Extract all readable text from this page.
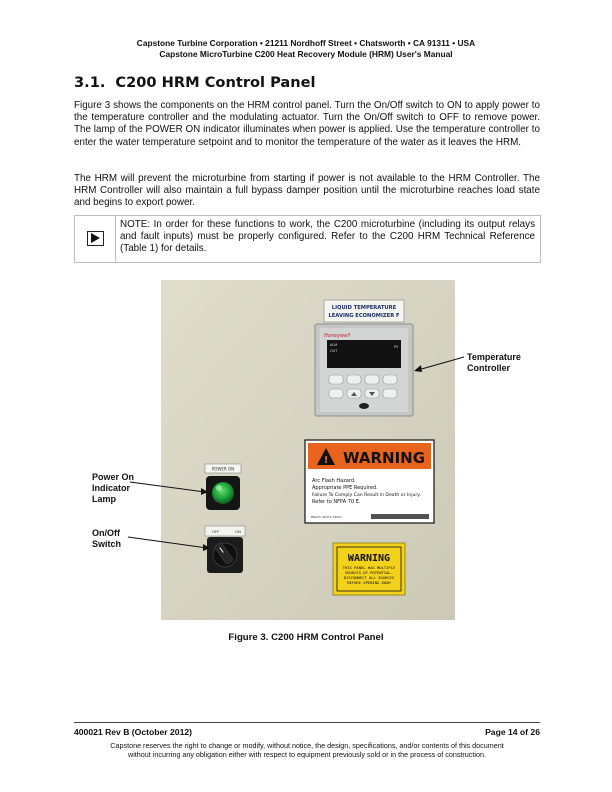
Capstone Turbine Corporation • 21211 Nordhoff Street • Chatsworth • CA 91311 • USA
Capstone MicroTurbine C200 Heat Recovery Module (HRM) User's Manual
3.1. C200 HRM Control Panel
Figure 3 shows the components on the HRM control panel. Turn the On/Off switch to ON to apply power to the temperature controller and the modulating actuator. Turn the On/Off switch to OFF to remove power. The lamp of the POWER ON indicator illuminates when power is applied. Use the temperature controller to enter the water temperature setpoint and to monitor the temperature of the water as it leaves the HRM.
The HRM will prevent the microturbine from starting if power is not available to the HRM Controller. The HRM Controller will also maintain a full bypass damper position until the microturbine reaches load state and begins to export power.
NOTE: In order for these functions to work, the C200 microturbine (including its output relays and fault inputs) must be properly configured. Refer to the C200 HRM Technical Reference (Table 1) for details.
LIQUID TEMPERATURE
LEAVING ECONOMIZER F
Honeywell
ALM
OUT
PV
POWER ON
OFF	ON
! WARNING
Arc Flash Hazard.
Appropriate PPE Required.
Failure To Comply Can Result in Death or Injury.
Refer to NFPA 70 E.
BRADY 49372 7900Y
WARNING
THIS PANEL HAS MULTIPLE
SOURCES OF POTENTIAL.
DISCONNECT ALL SOURCES
BEFORE OPENING DOOR
Temperature Controller
Power On Indicator Lamp
On/Off Switch
Figure 3. C200 HRM Control Panel
400021 Rev B (October 2012)	Page 14 of 26
Capstone reserves the right to change or modify, without notice, the design, specifications, and/or contents of this document
without incurring any obligation either with respect to equipment previously sold or in the process of construction.
